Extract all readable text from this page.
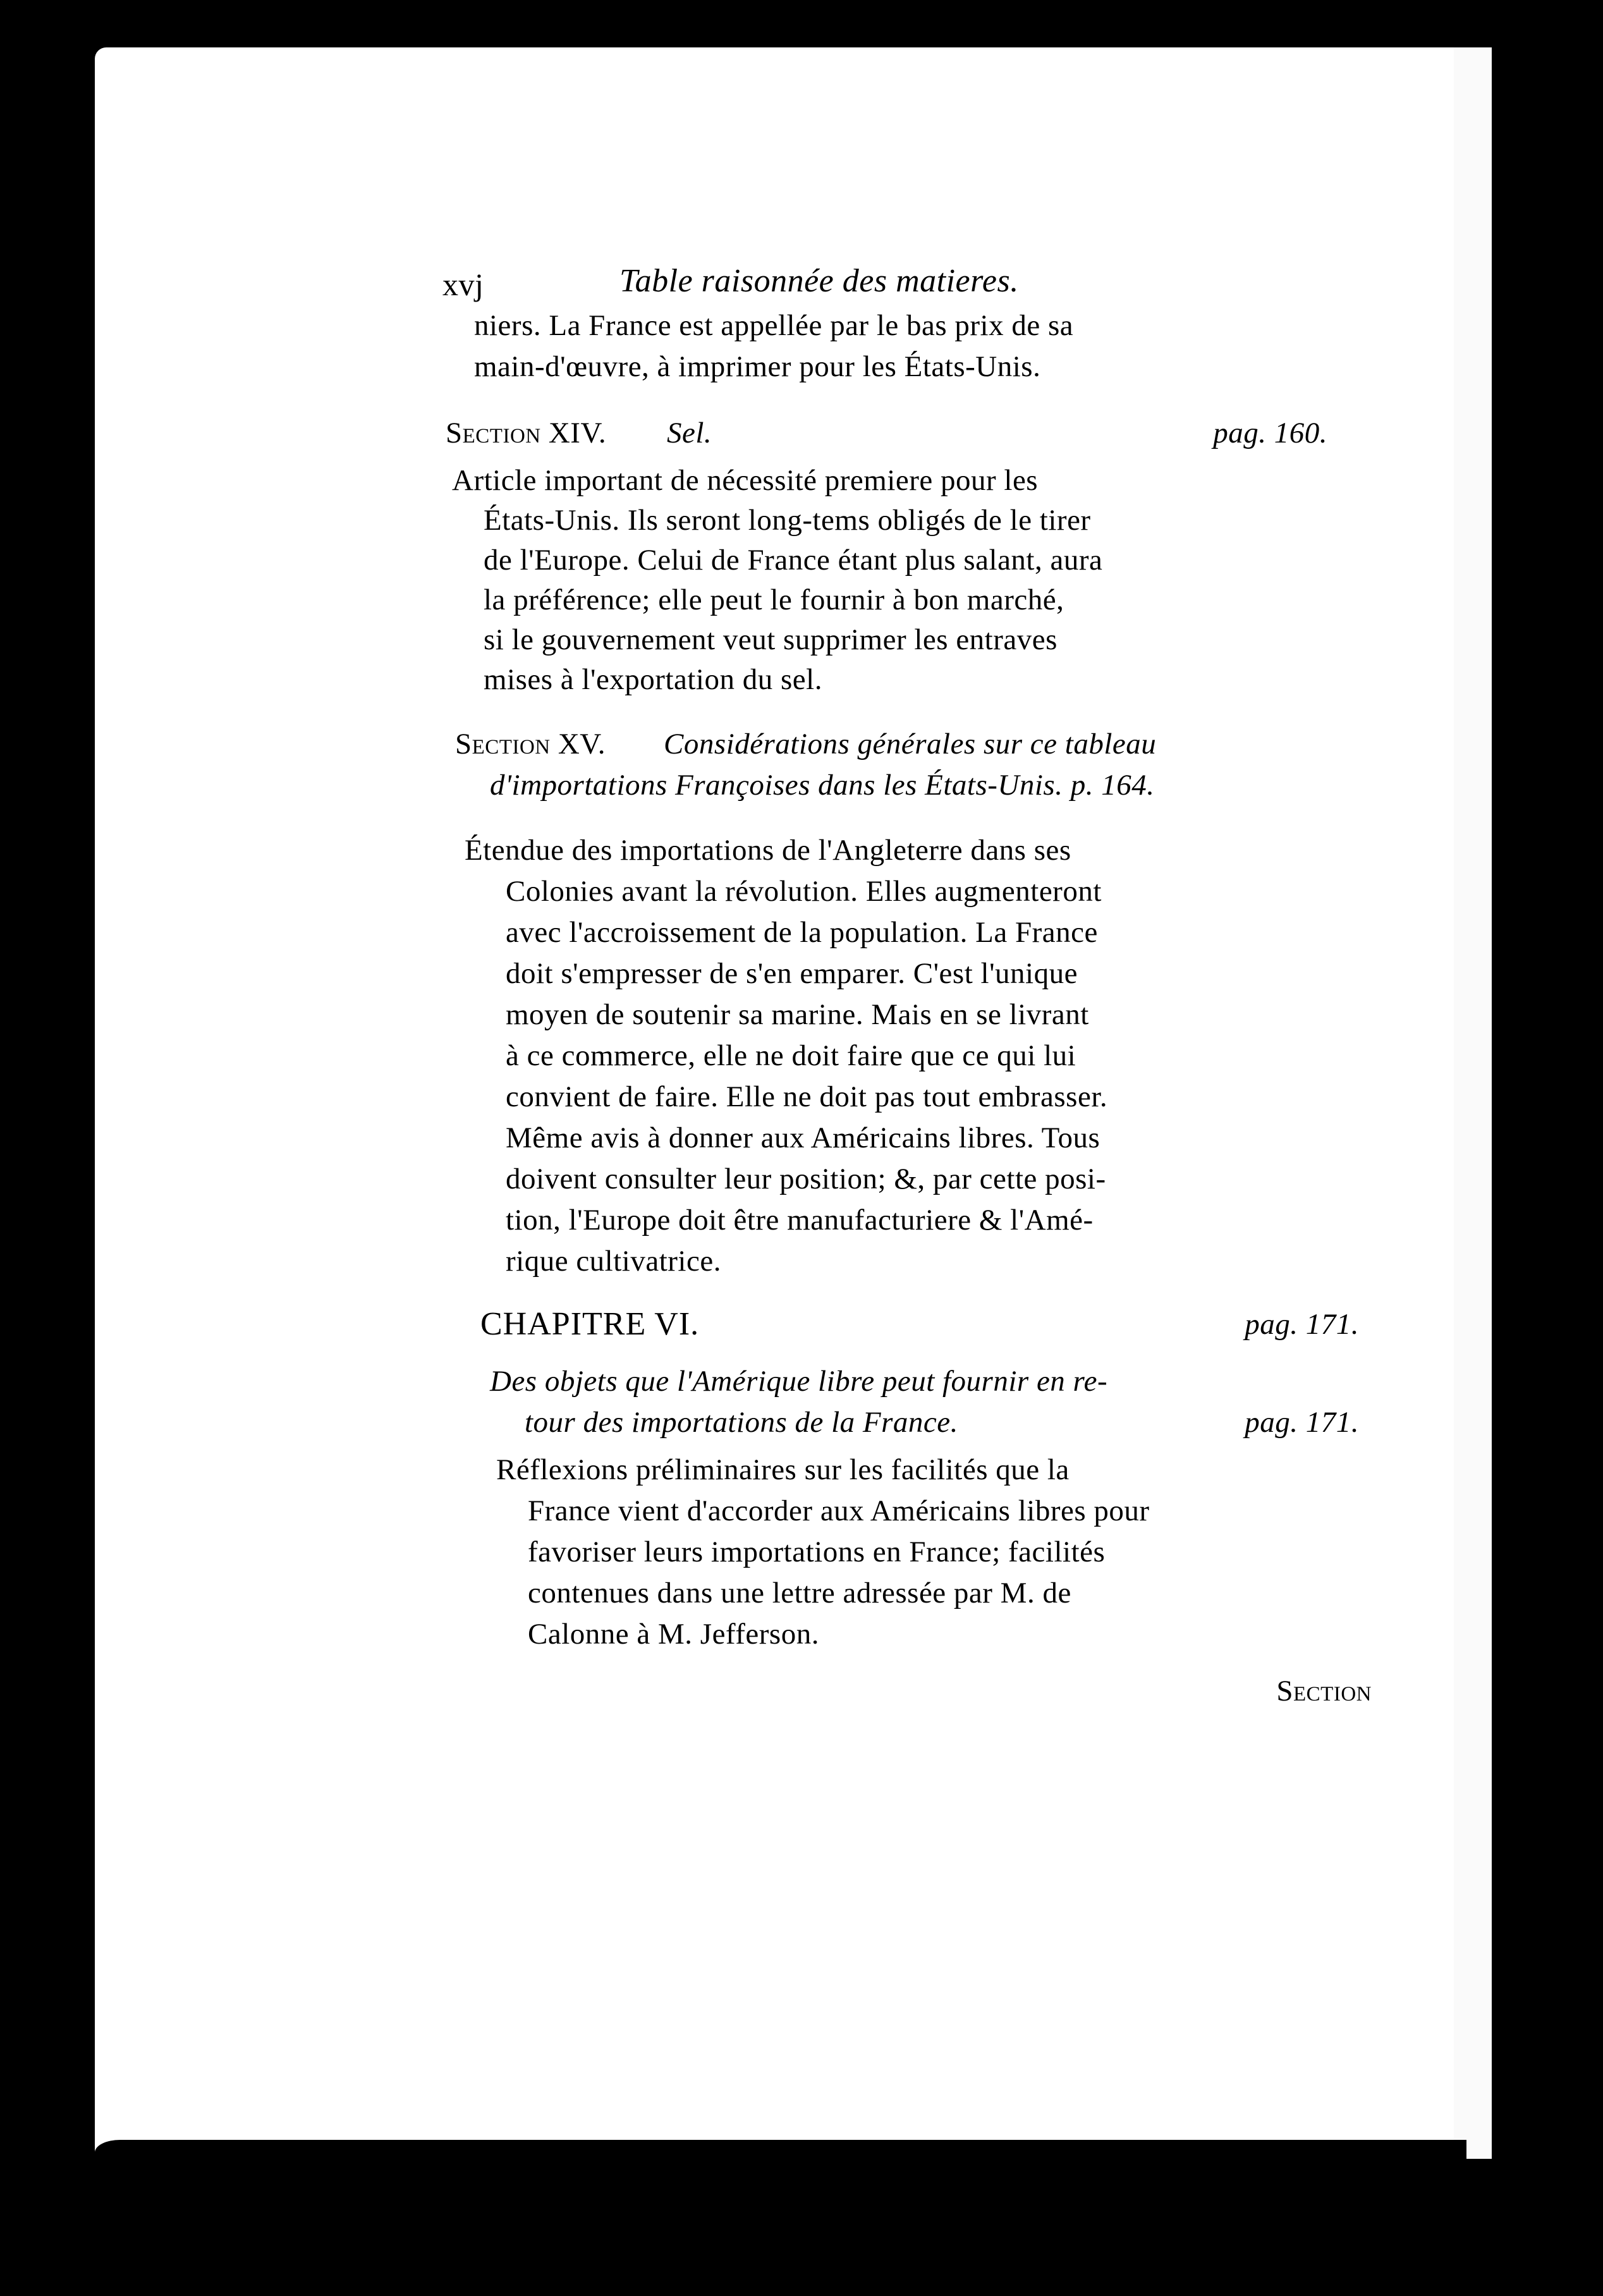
xvj	Table raisonnée des matieres.
niers. La France est appellée par le bas prix de sa
main-d'œuvre, à imprimer pour les États-Unis.
Section XIV. Sel.	pag. 160.
Article important de nécessité premiere pour les
États-Unis. Ils seront long-tems obligés de le tirer
de l'Europe. Celui de France étant plus salant, aura
la préférence; elle peut le fournir à bon marché,
si le gouvernement veut supprimer les entraves
mises à l'exportation du sel.
Section XV. Considérations générales sur ce tableau
d'importations Françoises dans les États-Unis. p. 164.
Étendue des importations de l'Angleterre dans ses
Colonies avant la révolution. Elles augmenteront
avec l'accroissement de la population. La France
doit s'empresser de s'en emparer. C'est l'unique
moyen de soutenir sa marine. Mais en se livrant
à ce commerce, elle ne doit faire que ce qui lui
convient de faire. Elle ne doit pas tout embrasser.
Même avis à donner aux Américains libres. Tous
doivent consulter leur position; &, par cette posi-
tion, l'Europe doit être manufacturiere & l'Amé-
rique cultivatrice.
CHAPITRE VI.	pag. 171.
Des objets que l'Amérique libre peut fournir en re-
tour des importations de la France.	pag. 171.
Réflexions préliminaires sur les facilités que la
France vient d'accorder aux Américains libres pour
favoriser leurs importations en France; facilités
contenues dans une lettre adressée par M. de
Calonne à M. Jefferson.
Section
